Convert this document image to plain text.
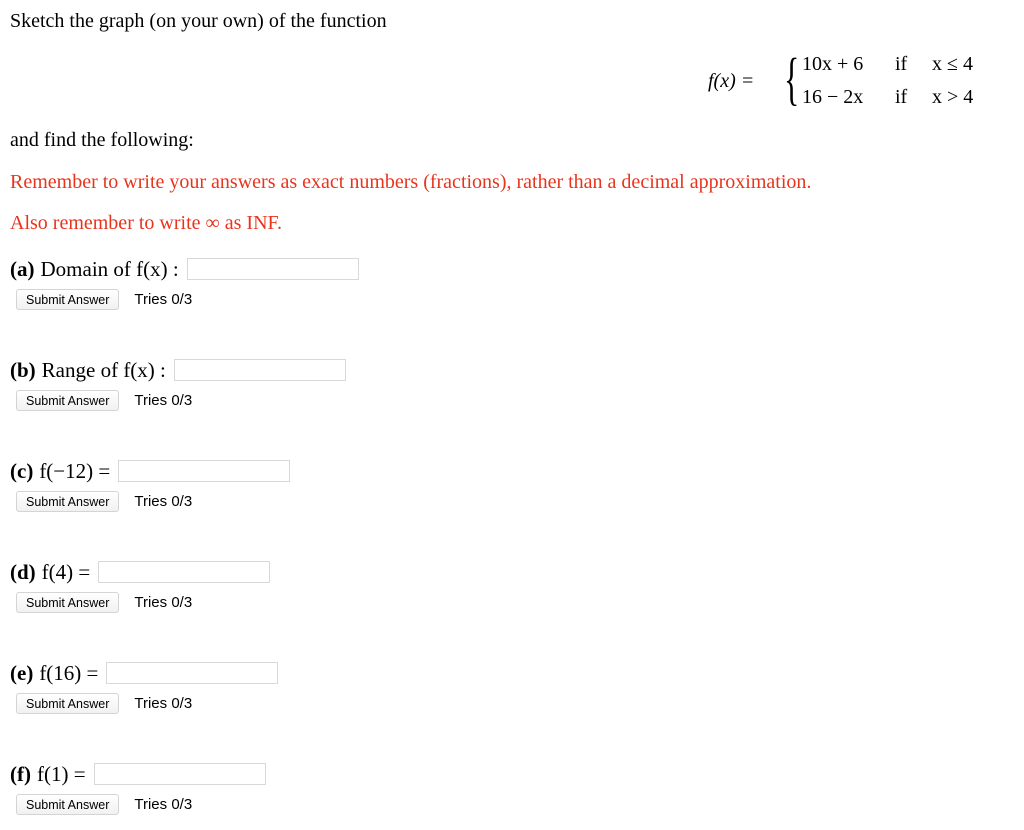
Sketch the graph (on your own) of the function
f(x) = { 10x + 6 if x ≤ 4
16 − 2x if x > 4
and find the following:
Remember to write your answers as exact numbers (fractions), rather than a decimal approximation.
Also remember to write ∞ as INF.
(a) Domain of f(x) :
Submit Answer	Tries 0/3
(b) Range of f(x) :
Submit Answer	Tries 0/3
(c) f(−12) =
Submit Answer	Tries 0/3
(d) f(4) =
Submit Answer	Tries 0/3
(e) f(16) =
Submit Answer	Tries 0/3
(f) f(1) =
Submit Answer	Tries 0/3
